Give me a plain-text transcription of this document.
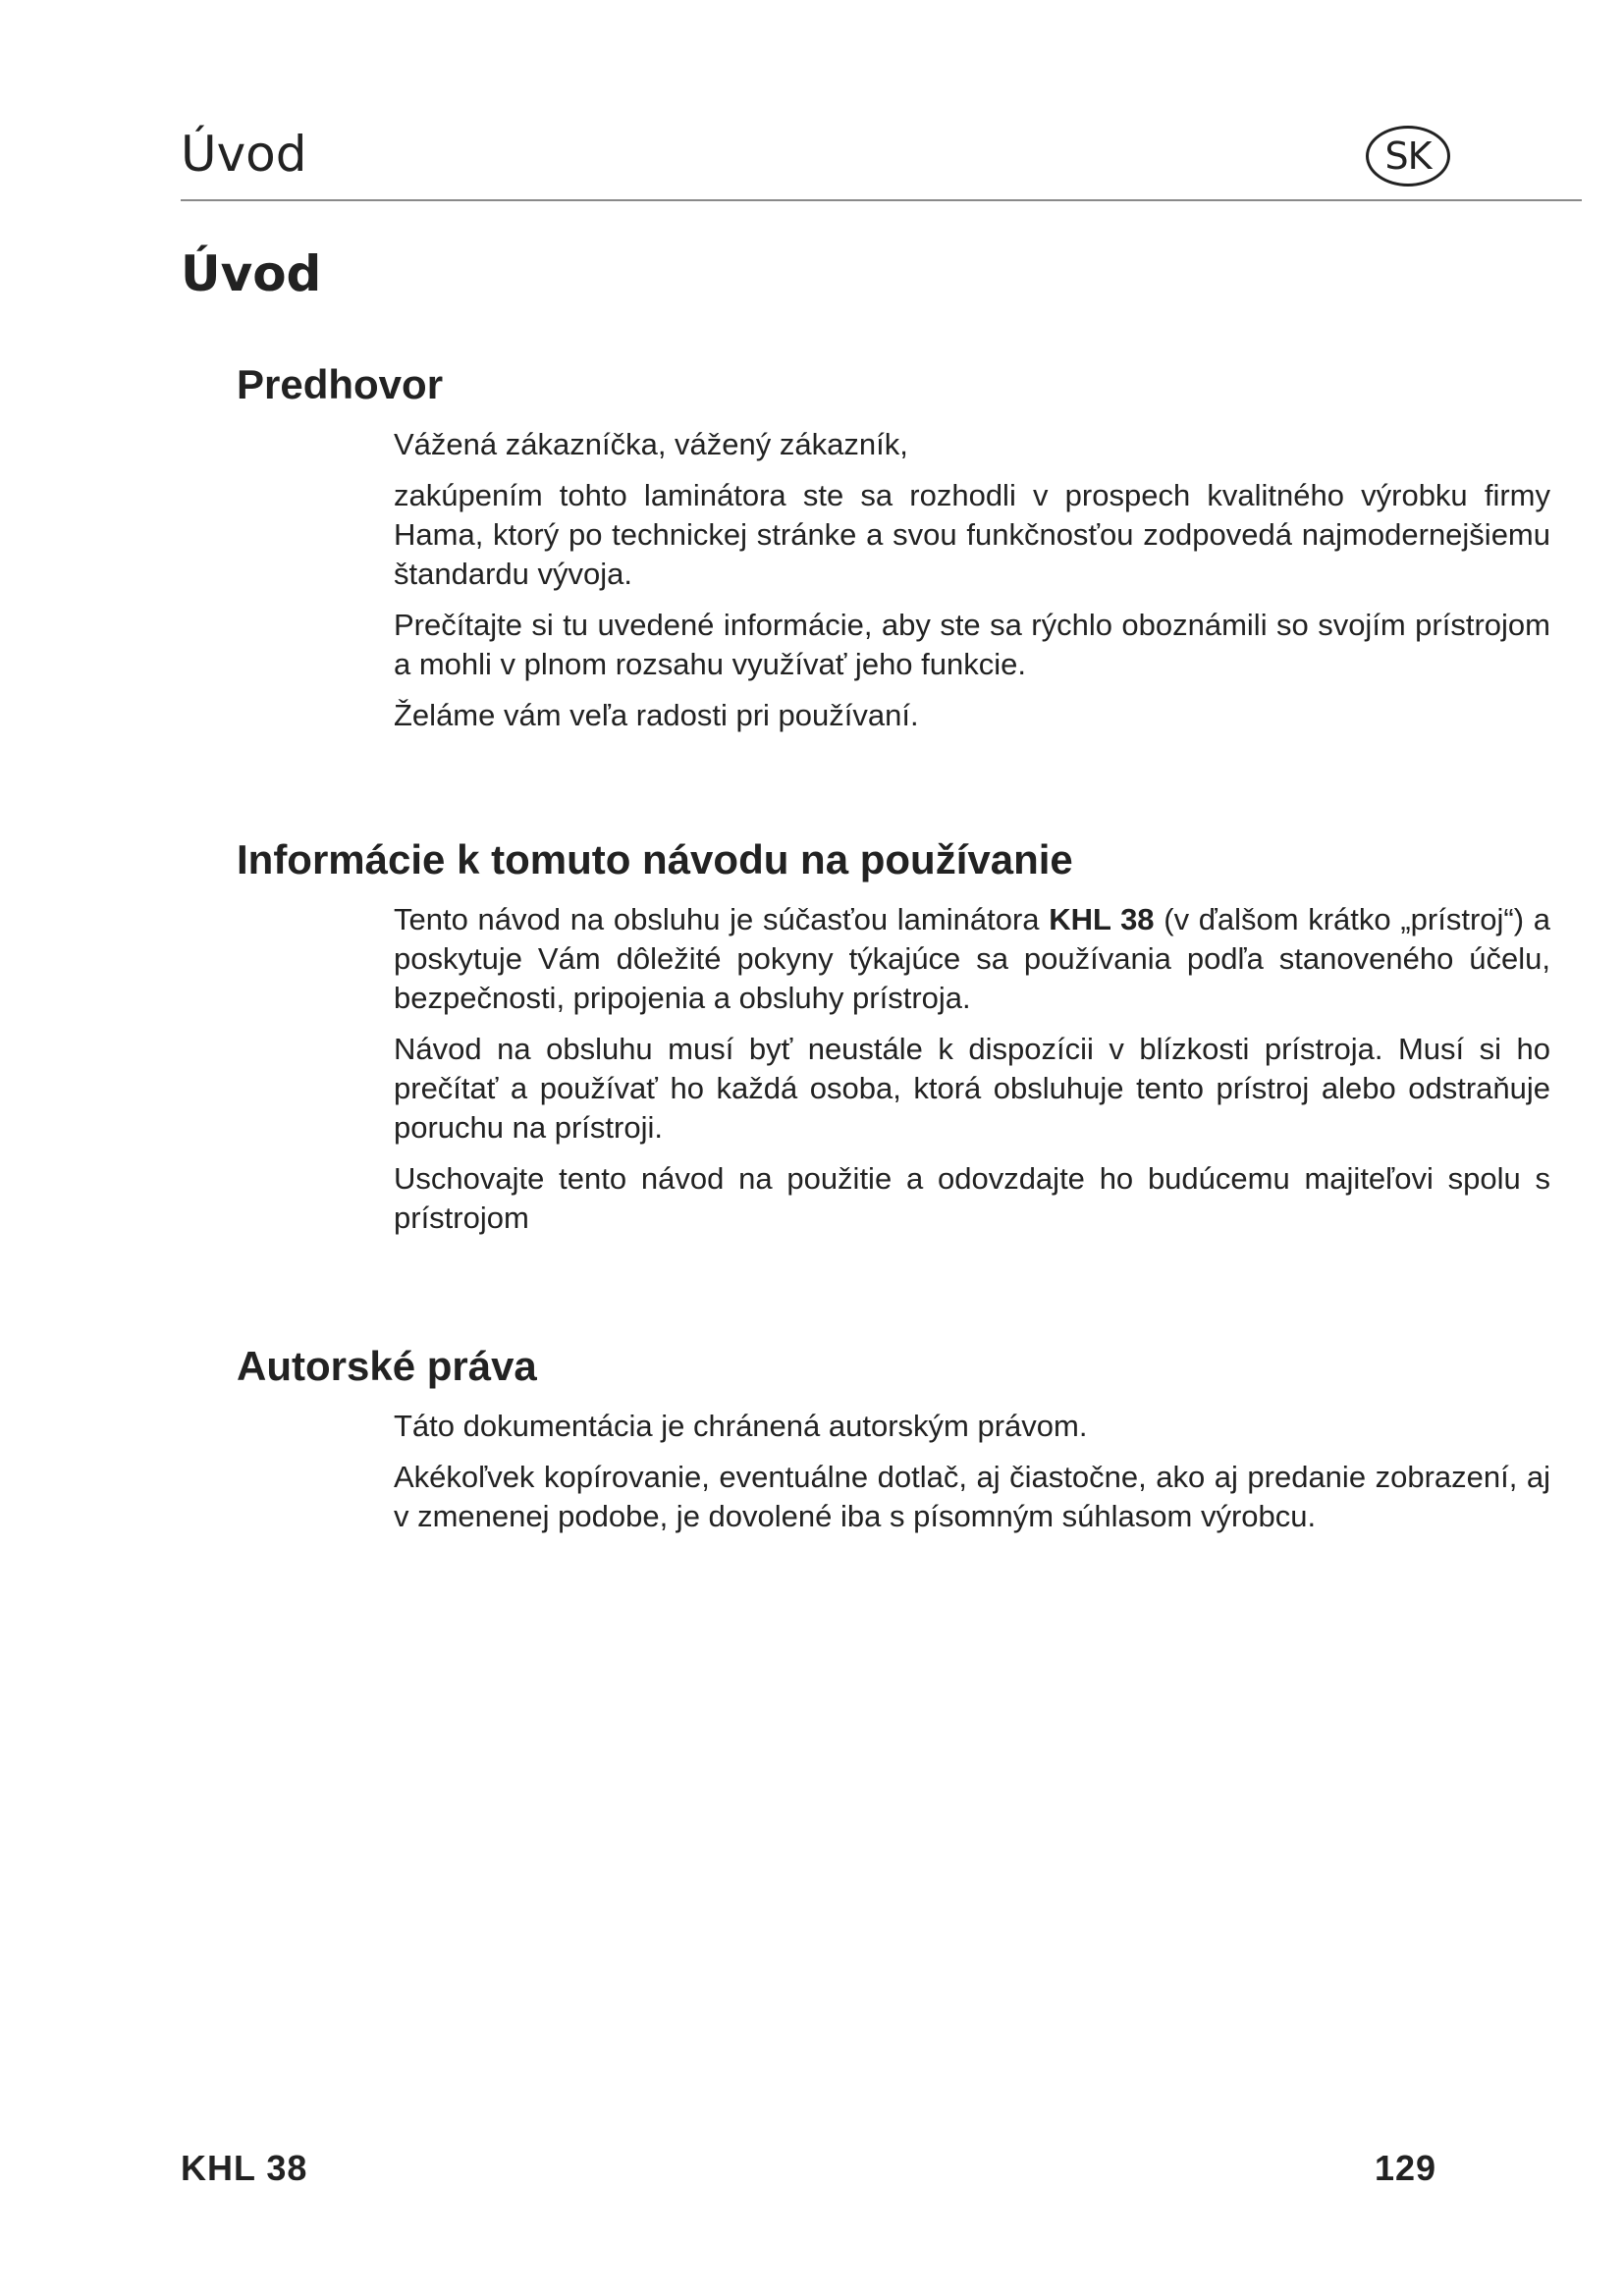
Úvod	SK
Úvod
Predhovor

Vážená zákazníčka, vážený zákazník,

zakúpením tohto laminátora ste sa rozhodli v prospech kvalitného výrobku firmy Hama, ktorý po technickej stránke a svou funkčnosťou zodpovedá najmodernejšiemu štandardu vývoja.

Prečítajte si tu uvedené informácie, aby ste sa rýchlo oboznámili so svojím prístrojom a mohli v plnom rozsahu využívať jeho funkcie.

Želáme vám veľa radosti pri používaní.

Informácie k tomuto návodu na používanie

Tento návod na obsluhu je súčasťou laminátora KHL 38 (v ďalšom krátko „prístroj“) a poskytuje Vám dôležité pokyny týkajúce sa používania podľa stanoveného účelu, bezpečnosti, pripojenia a obsluhy prístroja.

Návod na obsluhu musí byť neustále k dispozícii v blízkosti prístroja. Musí si ho prečítať a používať ho každá osoba, ktorá obsluhuje tento prístroj alebo odstraňuje poruchu na prístroji.

Uschovajte tento návod na použitie a odovzdajte ho budúcemu majiteľovi spolu s prístrojom

Autorské práva

Táto dokumentácia je chránená autorským právom.

Akékoľvek kopírovanie, eventuálne dotlač, aj čiastočne, ako aj predanie zobrazení, aj v zmenenej podobe, je dovolené iba s písomným súhlasom výrobcu.

KHL 38	129
